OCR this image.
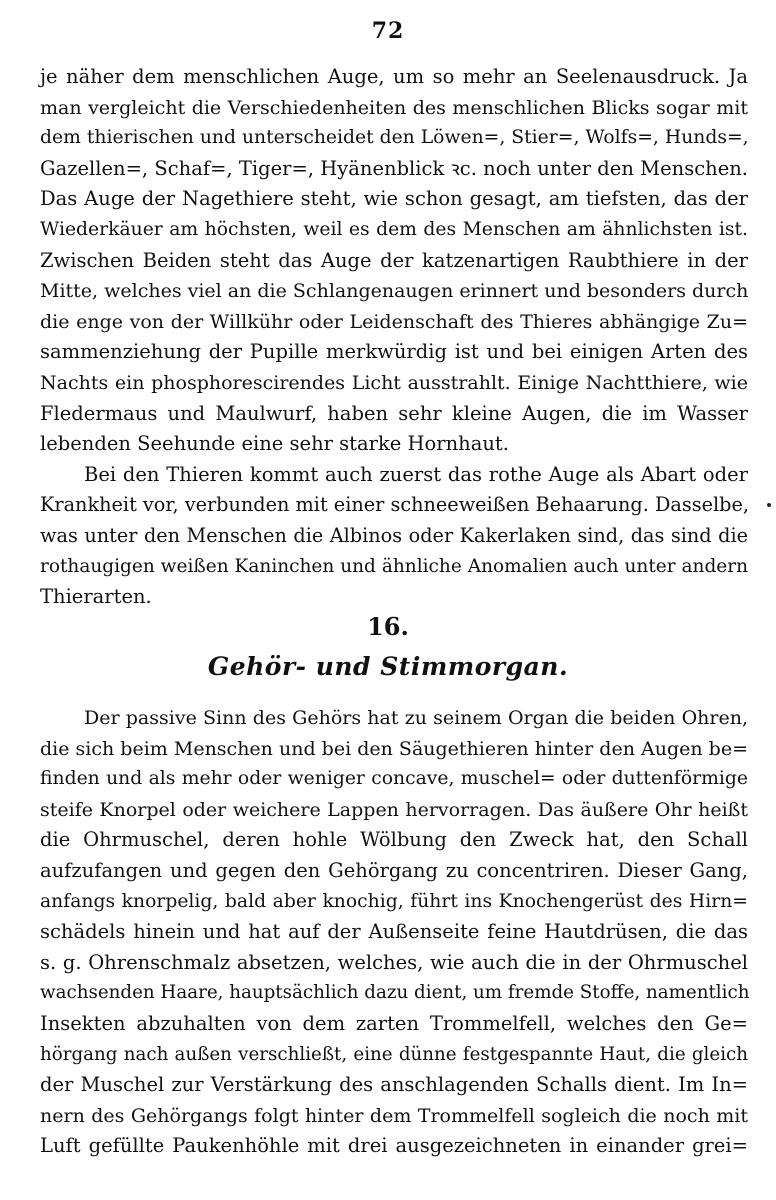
72
je näher dem menschlichen Auge, um so mehr an Seelenausdruck. Ja
man vergleicht die Verschiedenheiten des menschlichen Blicks sogar mit
dem thierischen und unterscheidet den Löwen=, Stier=, Wolfs=, Hunds=,
Gazellen=, Schaf=, Tiger=, Hyänenblick ꝛc. noch unter den Menschen.
Das Auge der Nagethiere steht, wie schon gesagt, am tiefsten, das der
Wiederkäuer am höchsten, weil es dem des Menschen am ähnlichsten ist.
Zwischen Beiden steht das Auge der katzenartigen Raubthiere in der
Mitte, welches viel an die Schlangenaugen erinnert und besonders durch
die enge von der Willkühr oder Leidenschaft des Thieres abhängige Zu=
sammenziehung der Pupille merkwürdig ist und bei einigen Arten des
Nachts ein phosphorescirendes Licht ausstrahlt. Einige Nachtthiere, wie
Fledermaus und Maulwurf, haben sehr kleine Augen, die im Wasser
lebenden Seehunde eine sehr starke Hornhaut.
Bei den Thieren kommt auch zuerst das rothe Auge als Abart oder
Krankheit vor, verbunden mit einer schneeweißen Behaarung. Dasselbe,
was unter den Menschen die Albinos oder Kakerlaken sind, das sind die
rothaugigen weißen Kaninchen und ähnliche Anomalien auch unter andern
Thierarten.
16.
Gehör- und Stimmorgan.
Der passive Sinn des Gehörs hat zu seinem Organ die beiden Ohren,
die sich beim Menschen und bei den Säugethieren hinter den Augen be=
finden und als mehr oder weniger concave, muschel= oder duttenförmige
steife Knorpel oder weichere Lappen hervorragen. Das äußere Ohr heißt
die Ohrmuschel, deren hohle Wölbung den Zweck hat, den Schall
aufzufangen und gegen den Gehörgang zu concentriren. Dieser Gang,
anfangs knorpelig, bald aber knochig, führt ins Knochengerüst des Hirn=
schädels hinein und hat auf der Außenseite feine Hautdrüsen, die das
s. g. Ohrenschmalz absetzen, welches, wie auch die in der Ohrmuschel
wachsenden Haare, hauptsächlich dazu dient, um fremde Stoffe, namentlich
Insekten abzuhalten von dem zarten Trommelfell, welches den Ge=
hörgang nach außen verschließt, eine dünne festgespannte Haut, die gleich
der Muschel zur Verstärkung des anschlagenden Schalls dient. Im In=
nern des Gehörgangs folgt hinter dem Trommelfell sogleich die noch mit
Luft gefüllte Paukenhöhle mit drei ausgezeichneten in einander grei=
